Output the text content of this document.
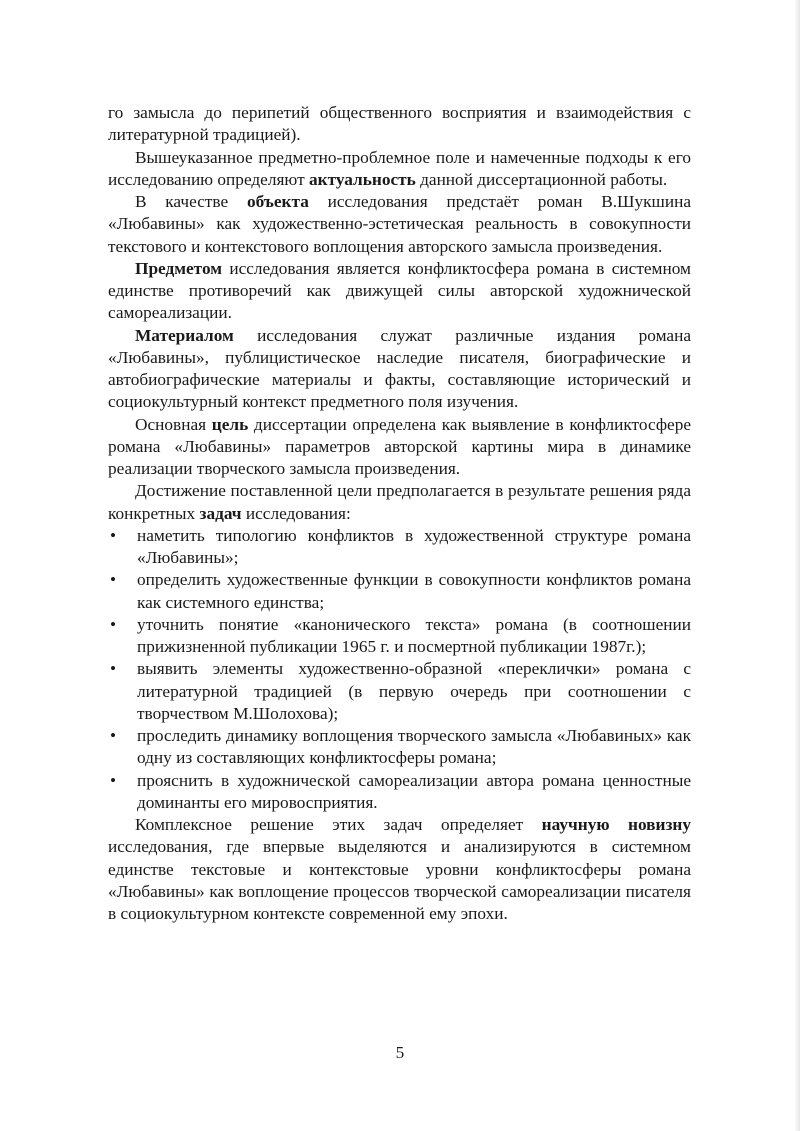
го замысла до перипетий общественного восприятия и взаимодействия с литературной традицией).

Вышеуказанное предметно-проблемное поле и намеченные подходы к его исследованию определяют актуальность данной диссертационной работы.

В качестве объекта исследования предстаёт роман В.Шукшина «Любавины» как художественно-эстетическая реальность в совокупности текстового и контекстового воплощения авторского замысла произведения.

Предметом исследования является конфликтосфера романа в системном единстве противоречий как движущей силы авторской художнической самореализации.

Материалом исследования служат различные издания романа «Любавины», публицистическое наследие писателя, биографические и автобиографические материалы и факты, составляющие исторический и социокультурный контекст предметного поля изучения.

Основная цель диссертации определена как выявление в конфликтосфере романа «Любавины» параметров авторской картины мира в динамике реализации творческого замысла произведения.

Достижение поставленной цели предполагается в результате решения ряда конкретных задач исследования:

• наметить типологию конфликтов в художественной структуре романа «Любавины»;
• определить художественные функции в совокупности конфликтов романа как системного единства;
• уточнить понятие «канонического текста» романа (в соотношении прижизненной публикации 1965 г. и посмертной публикации 1987г.);
• выявить элементы художественно-образной «переклички» романа с литературной традицией (в первую очередь при соотношении с творчеством М.Шолохова);
• проследить динамику воплощения творческого замысла «Любавиных» как одну из составляющих конфликтосферы романа;
• прояснить в художнической самореализации автора романа ценностные доминанты его мировосприятия.

Комплексное решение этих задач определяет научную новизну исследования, где впервые выделяются и анализируются в системном единстве текстовые и контекстовые уровни конфликтосферы романа «Любавины» как воплощение процессов творческой самореализации писателя в социокультурном контексте современной ему эпохи.

5
